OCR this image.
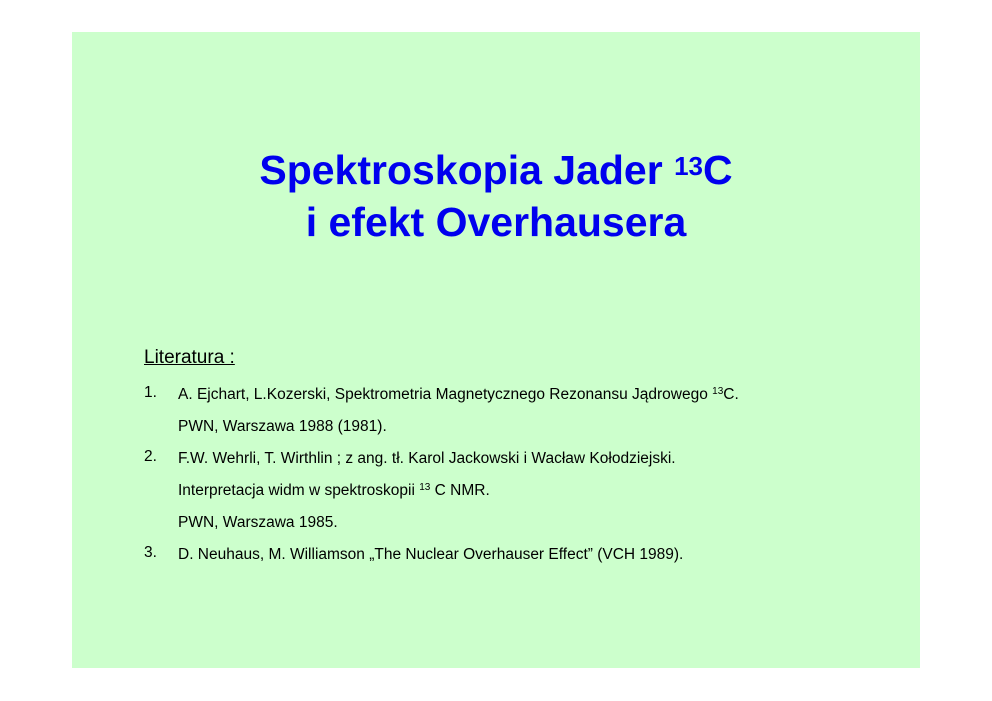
Spektroskopia Jader $^{13}$C
i efekt Overhausera
Literatura :
1. A. Ejchart, L.Kozerski, Spektrometria Magnetycznego Rezonansu Jądrowego $^{13}$C.
PWN, Warszawa 1988 (1981).
2. F.W. Wehrli, T. Wirthlin ; z ang. tł. Karol Jackowski i Wacław Kołodziejski.
Interpretacja widm w spektroskopii $^{13}$ C NMR.
PWN, Warszawa 1985.
3. D. Neuhaus, M. Williamson „The Nuclear Overhauser Effect” (VCH 1989).
